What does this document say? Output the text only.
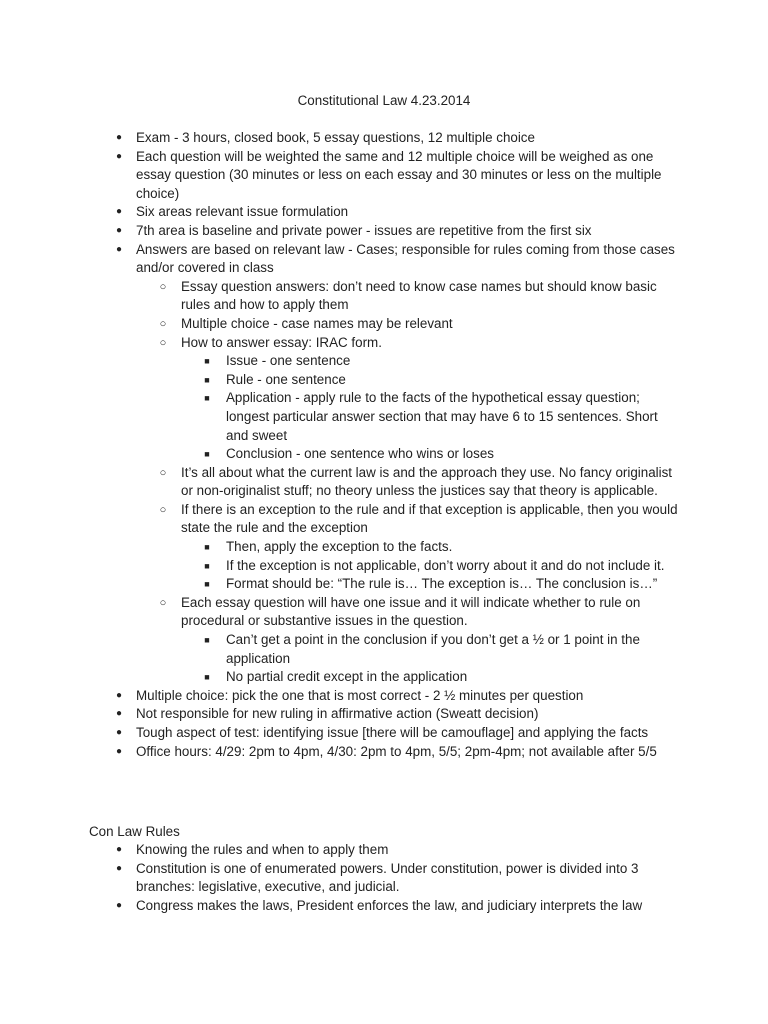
Constitutional Law 4.23.2014
● Exam - 3 hours, closed book, 5 essay questions, 12 multiple choice
● Each question will be weighted the same and 12 multiple choice will be weighed as one essay question (30 minutes or less on each essay and 30 minutes or less on the multiple choice)
● Six areas relevant issue formulation
● 7th area is baseline and private power - issues are repetitive from the first six
● Answers are based on relevant law - Cases; responsible for rules coming from those cases and/or covered in class
○ Essay question answers: don’t need to know case names but should know basic rules and how to apply them
○ Multiple choice - case names may be relevant
○ How to answer essay: IRAC form.
■ Issue - one sentence
■ Rule - one sentence
■ Application - apply rule to the facts of the hypothetical essay question; longest particular answer section that may have 6 to 15 sentences. Short and sweet
■ Conclusion - one sentence who wins or loses
○ It’s all about what the current law is and the approach they use. No fancy originalist or non-originalist stuff; no theory unless the justices say that theory is applicable.
○ If there is an exception to the rule and if that exception is applicable, then you would state the rule and the exception
■ Then, apply the exception to the facts.
■ If the exception is not applicable, don’t worry about it and do not include it.
■ Format should be: “The rule is… The exception is… The conclusion is…”
○ Each essay question will have one issue and it will indicate whether to rule on procedural or substantive issues in the question.
■ Can’t get a point in the conclusion if you don’t get a ½ or 1 point in the application
■ No partial credit except in the application
● Multiple choice: pick the one that is most correct - 2 ½ minutes per question
● Not responsible for new ruling in affirmative action (Sweatt decision)
● Tough aspect of test: identifying issue [there will be camouflage] and applying the facts
● Office hours: 4/29: 2pm to 4pm, 4/30: 2pm to 4pm, 5/5; 2pm-4pm; not available after 5/5
Con Law Rules
● Knowing the rules and when to apply them
● Constitution is one of enumerated powers. Under constitution, power is divided into 3 branches: legislative, executive, and judicial.
● Congress makes the laws, President enforces the law, and judiciary interprets the law
